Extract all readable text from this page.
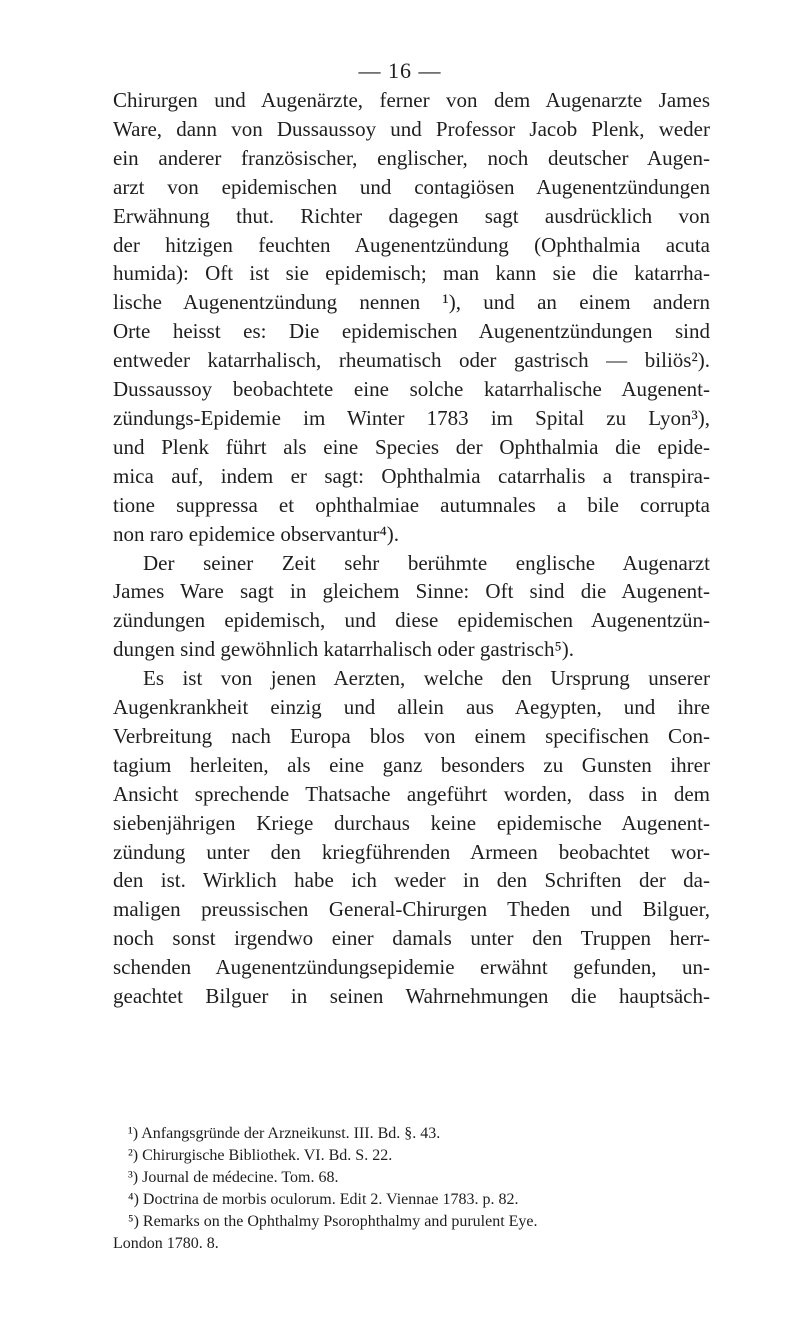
— 16 —
Chirurgen und Augenärzte, ferner von dem Augenarzte James
Ware, dann von Dussaussoy und Professor Jacob Plenk, weder
ein anderer französischer, englischer, noch deutscher Augen-
arzt von epidemischen und contagiösen Augenentzündungen
Erwähnung thut. Richter dagegen sagt ausdrücklich von
der hitzigen feuchten Augenentzündung (Ophthalmia acuta
humida): Oft ist sie epidemisch; man kann sie die katarrha-
lische Augenentzündung nennen ¹), und an einem andern
Orte heisst es: Die epidemischen Augenentzündungen sind
entweder katarrhalisch, rheumatisch oder gastrisch — biliös²).
Dussaussoy beobachtete eine solche katarrhalische Augenent-
zündungs-Epidemie im Winter 1783 im Spital zu Lyon³),
und Plenk führt als eine Species der Ophthalmia die epide-
mica auf, indem er sagt: Ophthalmia catarrhalis a transpira-
tione suppressa et ophthalmiae autumnales a bile corrupta
non raro epidemice observantur⁴).
Der seiner Zeit sehr berühmte englische Augenarzt
James Ware sagt in gleichem Sinne: Oft sind die Augenent-
zündungen epidemisch, und diese epidemischen Augenentzün-
dungen sind gewöhnlich katarrhalisch oder gastrisch⁵).
Es ist von jenen Aerzten, welche den Ursprung unserer
Augenkrankheit einzig und allein aus Aegypten, und ihre
Verbreitung nach Europa blos von einem specifischen Con-
tagium herleiten, als eine ganz besonders zu Gunsten ihrer
Ansicht sprechende Thatsache angeführt worden, dass in dem
siebenjährigen Kriege durchaus keine epidemische Augenent-
zündung unter den kriegführenden Armeen beobachtet wor-
den ist. Wirklich habe ich weder in den Schriften der da-
maligen preussischen General-Chirurgen Theden und Bilguer,
noch sonst irgendwo einer damals unter den Truppen herr-
schenden Augenentzündungsepidemie erwähnt gefunden, un-
geachtet Bilguer in seinen Wahrnehmungen die hauptsäch-
¹) Anfangsgründe der Arzneikunst. III. Bd. §. 43.
²) Chirurgische Bibliothek. VI. Bd. S. 22.
³) Journal de médecine. Tom. 68.
⁴) Doctrina de morbis oculorum. Edit 2. Viennae 1783. p. 82.
⁵) Remarks on the Ophthalmy Psorophthalmy and purulent Eye.
London 1780. 8.
